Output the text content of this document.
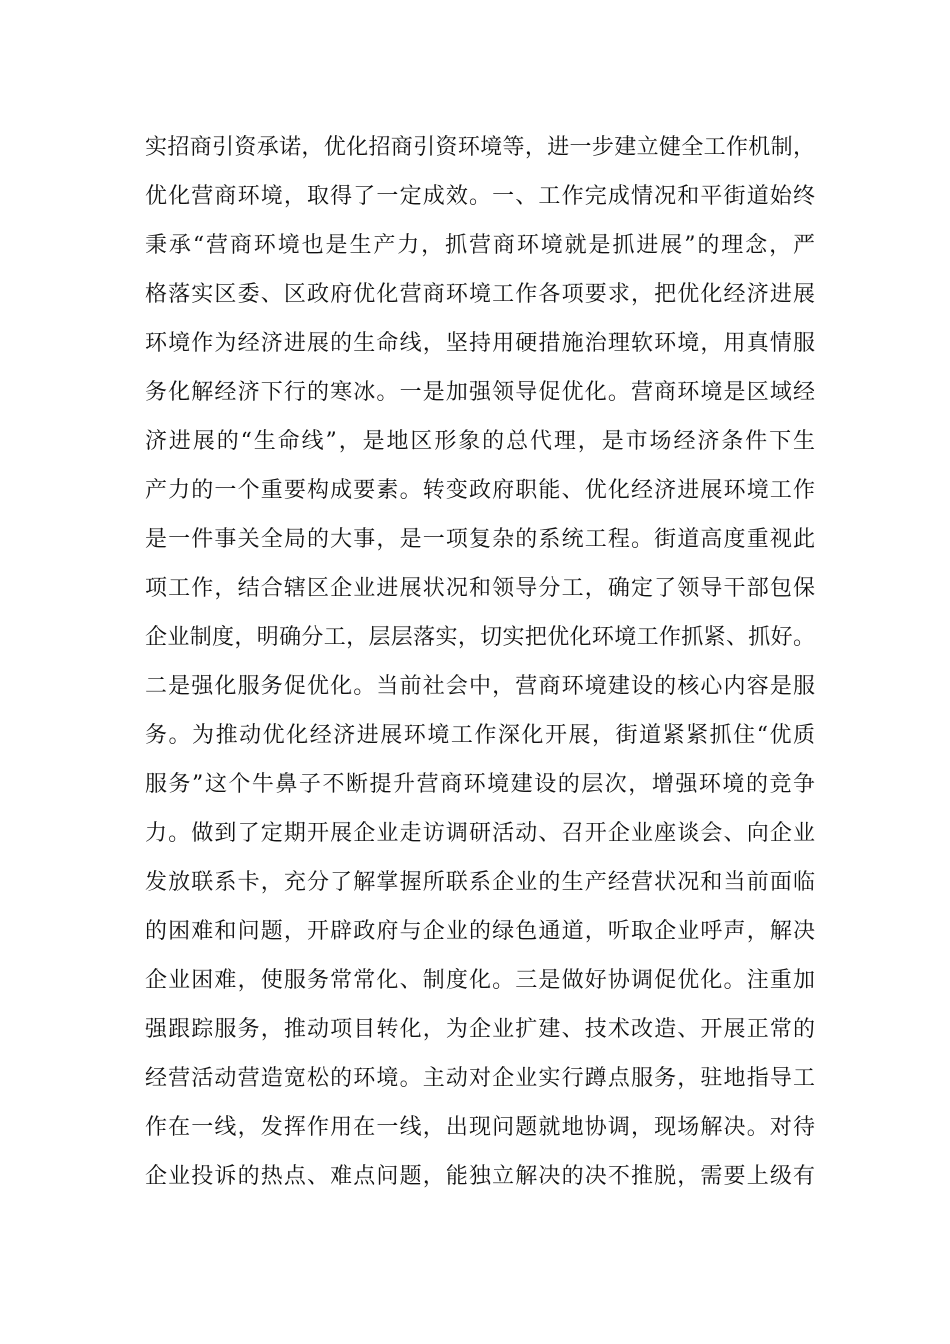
实招商引资承诺，优化招商引资环境等，进一步建立健全工作机制，
优化营商环境，取得了一定成效。一、工作完成情况和平街道始终
秉承“营商环境也是生产力，抓营商环境就是抓进展”的理念，严
格落实区委、区政府优化营商环境工作各项要求，把优化经济进展
环境作为经济进展的生命线，坚持用硬措施治理软环境，用真情服
务化解经济下行的寒冰。一是加强领导促优化。营商环境是区域经
济进展的“生命线”，是地区形象的总代理，是市场经济条件下生
产力的一个重要构成要素。转变政府职能、优化经济进展环境工作
是一件事关全局的大事，是一项复杂的系统工程。街道高度重视此
项工作，结合辖区企业进展状况和领导分工，确定了领导干部包保
企业制度，明确分工，层层落实，切实把优化环境工作抓紧、抓好。
二是强化服务促优化。当前社会中，营商环境建设的核心内容是服
务。为推动优化经济进展环境工作深化开展，街道紧紧抓住“优质
服务”这个牛鼻子不断提升营商环境建设的层次，增强环境的竞争
力。做到了定期开展企业走访调研活动、召开企业座谈会、向企业
发放联系卡，充分了解掌握所联系企业的生产经营状况和当前面临
的困难和问题，开辟政府与企业的绿色通道，听取企业呼声，解决
企业困难，使服务常常化、制度化。三是做好协调促优化。注重加
强跟踪服务，推动项目转化，为企业扩建、技术改造、开展正常的
经营活动营造宽松的环境。主动对企业实行蹲点服务，驻地指导工
作在一线，发挥作用在一线，出现问题就地协调，现场解决。对待
企业投诉的热点、难点问题，能独立解决的决不推脱，需要上级有
